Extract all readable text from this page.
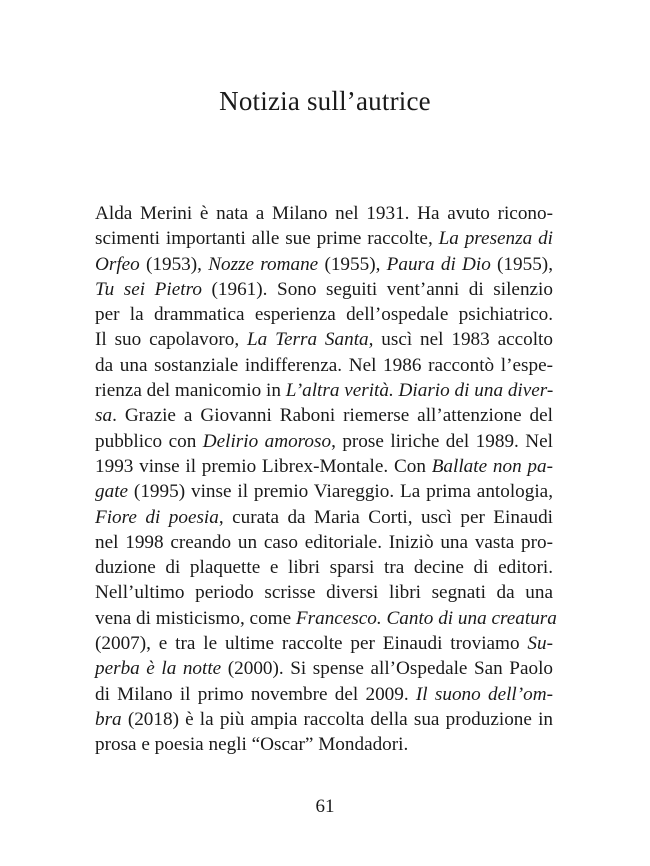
Notizia sull’autrice

Alda Merini è nata a Milano nel 1931. Ha avuto ricono-
scimenti importanti alle sue prime raccolte, La presenza di
Orfeo (1953), Nozze romane (1955), Paura di Dio (1955),
Tu sei Pietro (1961). Sono seguiti vent’anni di silenzio
per la drammatica esperienza dell’ospedale psichiatrico.
Il suo capolavoro, La Terra Santa, uscì nel 1983 accolto
da una sostanziale indifferenza. Nel 1986 raccontò l’espe-
rienza del manicomio in L’altra verità. Diario di una diver-
sa. Grazie a Giovanni Raboni riemerse all’attenzione del
pubblico con Delirio amoroso, prose liriche del 1989. Nel
1993 vinse il premio Librex-Montale. Con Ballate non pa-
gate (1995) vinse il premio Viareggio. La prima antologia,
Fiore di poesia, curata da Maria Corti, uscì per Einaudi
nel 1998 creando un caso editoriale. Iniziò una vasta pro-
duzione di plaquette e libri sparsi tra decine di editori.
Nell’ultimo periodo scrisse diversi libri segnati da una
vena di misticismo, come Francesco. Canto di una creatura
(2007), e tra le ultime raccolte per Einaudi troviamo Su-
perba è la notte (2000). Si spense all’Ospedale San Paolo
di Milano il primo novembre del 2009. Il suono dell’om-
bra (2018) è la più ampia raccolta della sua produzione in
prosa e poesia negli “Oscar” Mondadori.

61
